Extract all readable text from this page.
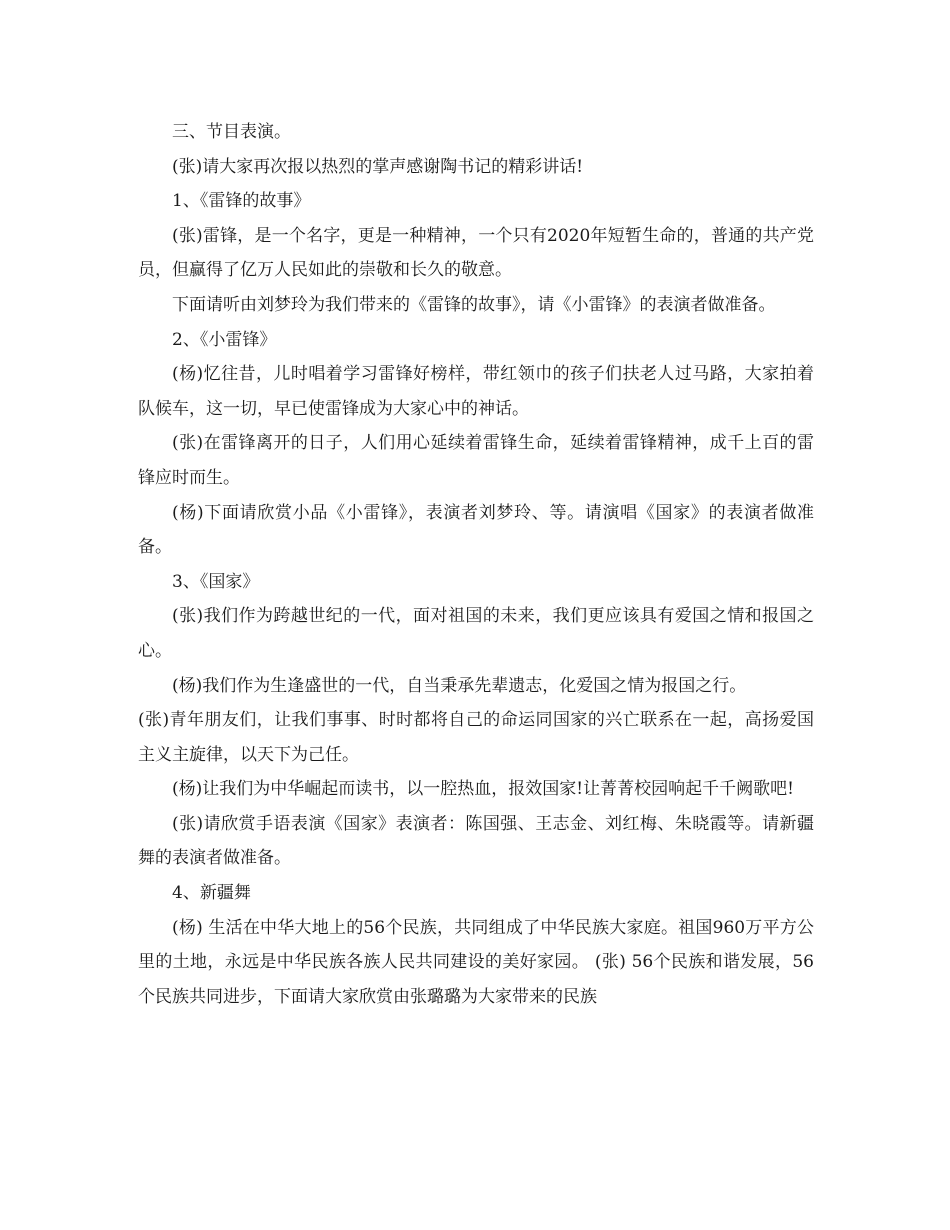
三、节目表演。

(张)请大家再次报以热烈的掌声感谢陶书记的精彩讲话!

1、《雷锋的故事》

(张)雷锋，是一个名字，更是一种精神，一个只有2020年短暂生命的，普通的共产党员，但赢得了亿万人民如此的崇敬和长久的敬意。

下面请听由刘梦玲为我们带来的《雷锋的故事》，请《小雷锋》的表演者做准备。

2、《小雷锋》

(杨)忆往昔，儿时唱着学习雷锋好榜样，带红领巾的孩子们扶老人过马路，大家拍着队候车，这一切，早已使雷锋成为大家心中的神话。

(张)在雷锋离开的日子，人们用心延续着雷锋生命，延续着雷锋精神，成千上百的雷锋应时而生。

(杨)下面请欣赏小品《小雷锋》，表演者刘梦玲、等。请演唱《国家》的表演者做准备。

3、《国家》

(张)我们作为跨越世纪的一代，面对祖国的未来，我们更应该具有爱国之情和报国之心。

(杨)我们作为生逢盛世的一代，自当秉承先辈遗志，化爱国之情为报国之行。

(张)青年朋友们，让我们事事、时时都将自己的命运同国家的兴亡联系在一起，高扬爱国主义主旋律，以天下为己任。

(杨)让我们为中华崛起而读书，以一腔热血，报效国家!让菁菁校园响起千千阙歌吧!

(张)请欣赏手语表演《国家》表演者：陈国强、王志金、刘红梅、朱晓霞等。请新疆舞的表演者做准备。

4、新疆舞

(杨) 生活在中华大地上的56个民族，共同组成了中华民族大家庭。祖国960万平方公里的土地，永远是中华民族各族人民共同建设的美好家园。 (张) 56个民族和谐发展，56个民族共同进步，下面请大家欣赏由张璐璐为大家带来的民族
